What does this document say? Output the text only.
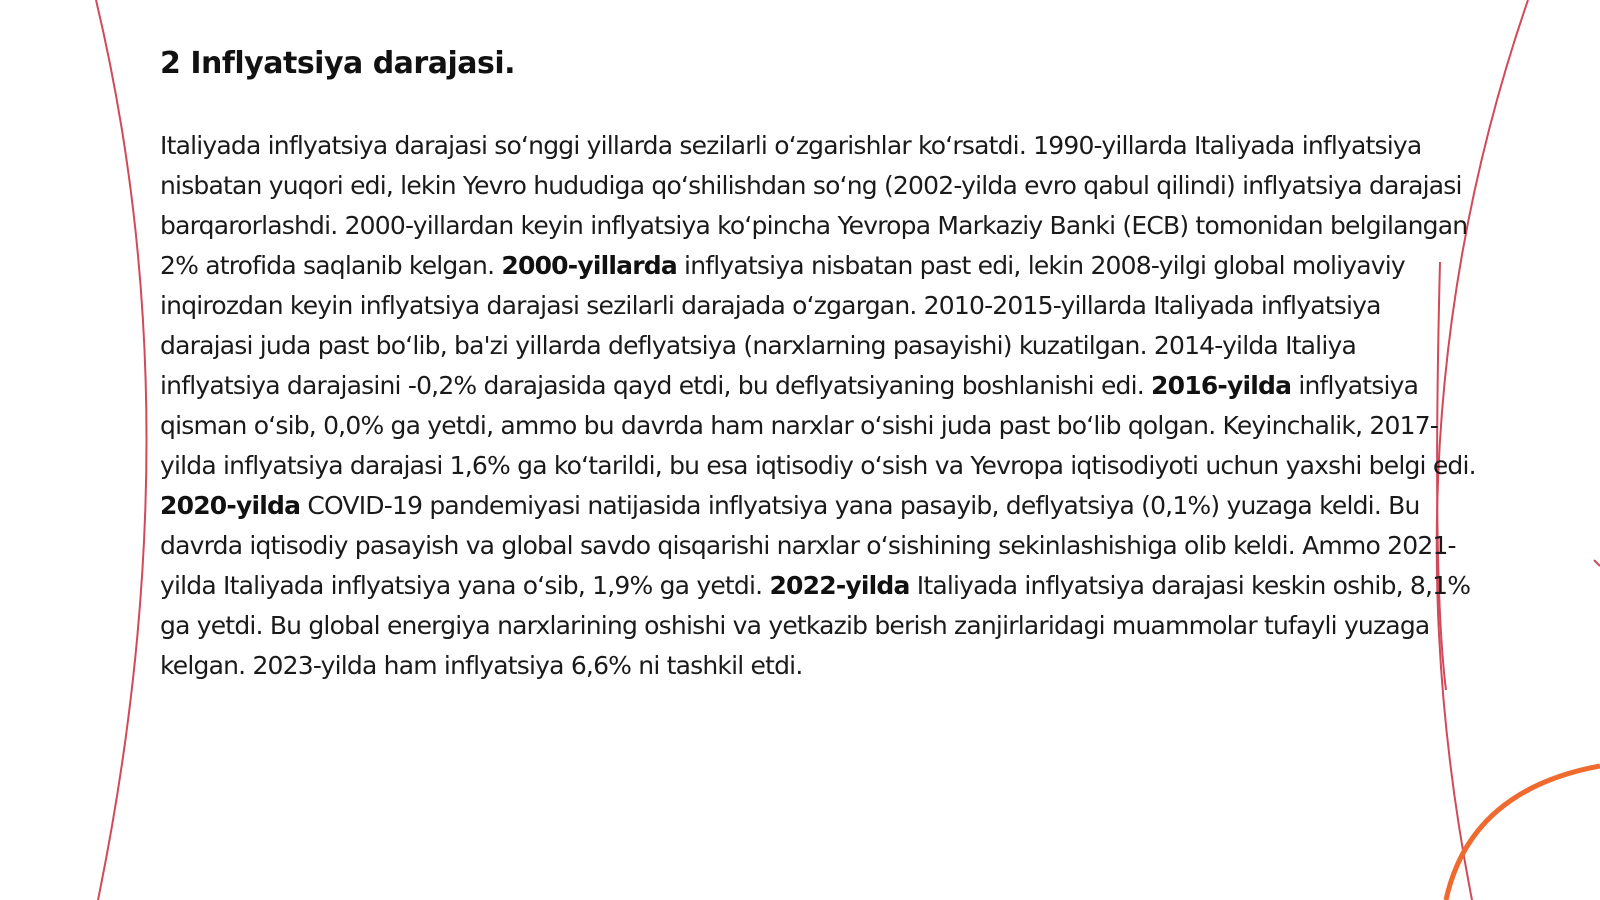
2 Inflyatsiya darajasi.

Italiyada inflyatsiya darajasi soʻnggi yillarda sezilarli oʻzgarishlar koʻrsatdi. 1990-yillarda Italiyada inflyatsiya nisbatan yuqori edi, lekin Yevro hududiga qoʻshilishdan soʻng (2002-yilda evro qabul qilindi) inflyatsiya darajasi barqarorlashdi. 2000-yillardan keyin inflyatsiya koʻpincha Yevropa Markaziy Banki (ECB) tomonidan belgilangan 2% atrofida saqlanib kelgan. 2000-yillarda inflyatsiya nisbatan past edi, lekin 2008-yilgi global moliyaviy inqirozdan keyin inflyatsiya darajasi sezilarli darajada oʻzgargan. 2010-2015-yillarda Italiyada inflyatsiya darajasi juda past boʻlib, ba'zi yillarda deflyatsiya (narxlarning pasayishi) kuzatilgan. 2014-yilda Italiya inflyatsiya darajasini -0,2% darajasida qayd etdi, bu deflyatsiyaning boshlanishi edi. 2016-yilda inflyatsiya qisman oʻsib, 0,0% ga yetdi, ammo bu davrda ham narxlar oʻsishi juda past boʻlib qolgan. Keyinchalik, 2017-yilda inflyatsiya darajasi 1,6% ga koʻtarildi, bu esa iqtisodiy oʻsish va Yevropa iqtisodiyoti uchun yaxshi belgi edi. 2020-yilda COVID-19 pandemiyasi natijasida inflyatsiya yana pasayib, deflyatsiya (0,1%) yuzaga keldi. Bu davrda iqtisodiy pasayish va global savdo qisqarishi narxlar oʻsishining sekinlashishiga olib keldi. Ammo 2021-yilda Italiyada inflyatsiya yana oʻsib, 1,9% ga yetdi. 2022-yilda Italiyada inflyatsiya darajasi keskin oshib, 8,1% ga yetdi. Bu global energiya narxlarining oshishi va yetkazib berish zanjirlaridagi muammolar tufayli yuzaga kelgan. 2023-yilda ham inflyatsiya 6,6% ni tashkil etdi.
